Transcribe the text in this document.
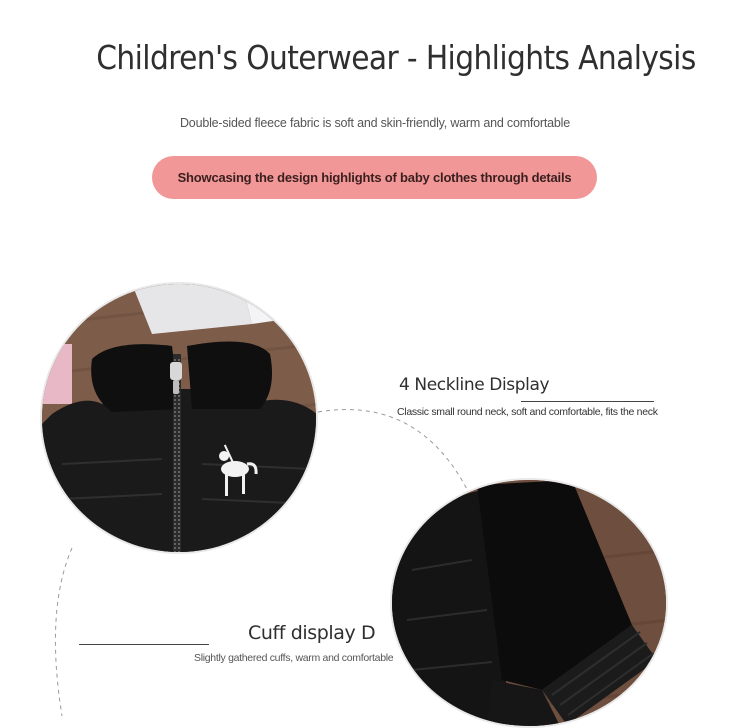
Children's Outerwear - Highlights Analysis
Double-sided fleece fabric is soft and skin-friendly, warm and comfortable
Showcasing the design highlights of baby clothes through details
4 Neckline Display
Classic small round neck, soft and comfortable, fits the neck
Cuff display D
Slightly gathered cuffs, warm and comfortable
